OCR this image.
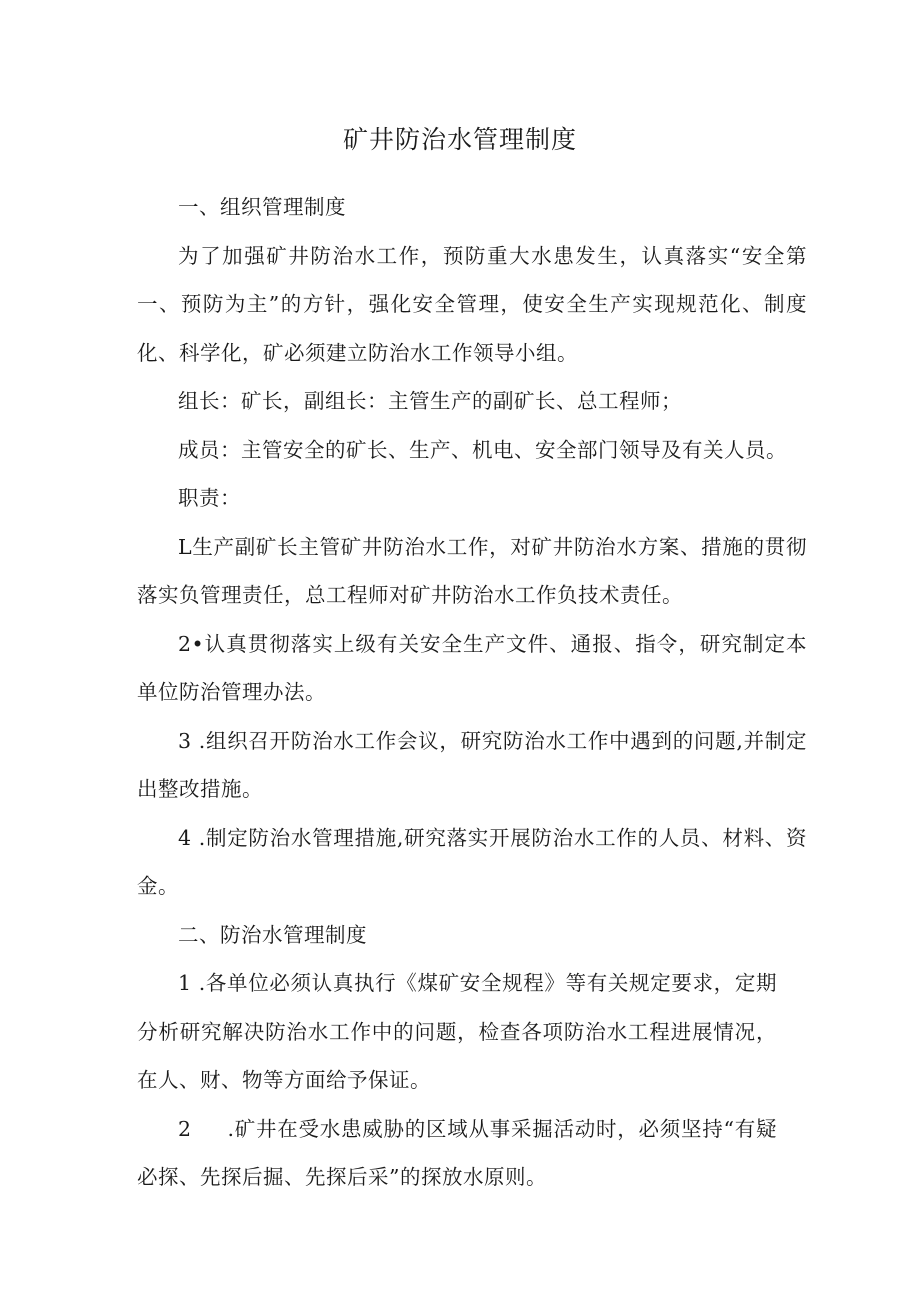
矿井防治水管理制度

一、组织管理制度

为了加强矿井防治水工作，预防重大水患发生，认真落实“安全第一、预防为主”的方针，强化安全管理，使安全生产实现规范化、制度化、科学化，矿必须建立防治水工作领导小组。

组长：矿长，副组长：主管生产的副矿长、总工程师；

成员：主管安全的矿长、生产、机电、安全部门领导及有关人员。

职责：

L生产副矿长主管矿井防治水工作，对矿井防治水方案、措施的贯彻落实负管理责任，总工程师对矿井防治水工作负技术责任。

2•认真贯彻落实上级有关安全生产文件、通报、指令，研究制定本单位防治管理办法。

3 .组织召开防治水工作会议，研究防治水工作中遇到的问题,并制定出整改措施。

4 .制定防治水管理措施,研究落实开展防治水工作的人员、材料、资金。

二、防治水管理制度

1 .各单位必须认真执行《煤矿安全规程》等有关规定要求，定期分析研究解决防治水工作中的问题，检查各项防治水工程进展情况，在人、财、物等方面给予保证。

2 .矿井在受水患威胁的区域从事采掘活动时，必须坚持“有疑必探、先探后掘、先探后采”的探放水原则。
